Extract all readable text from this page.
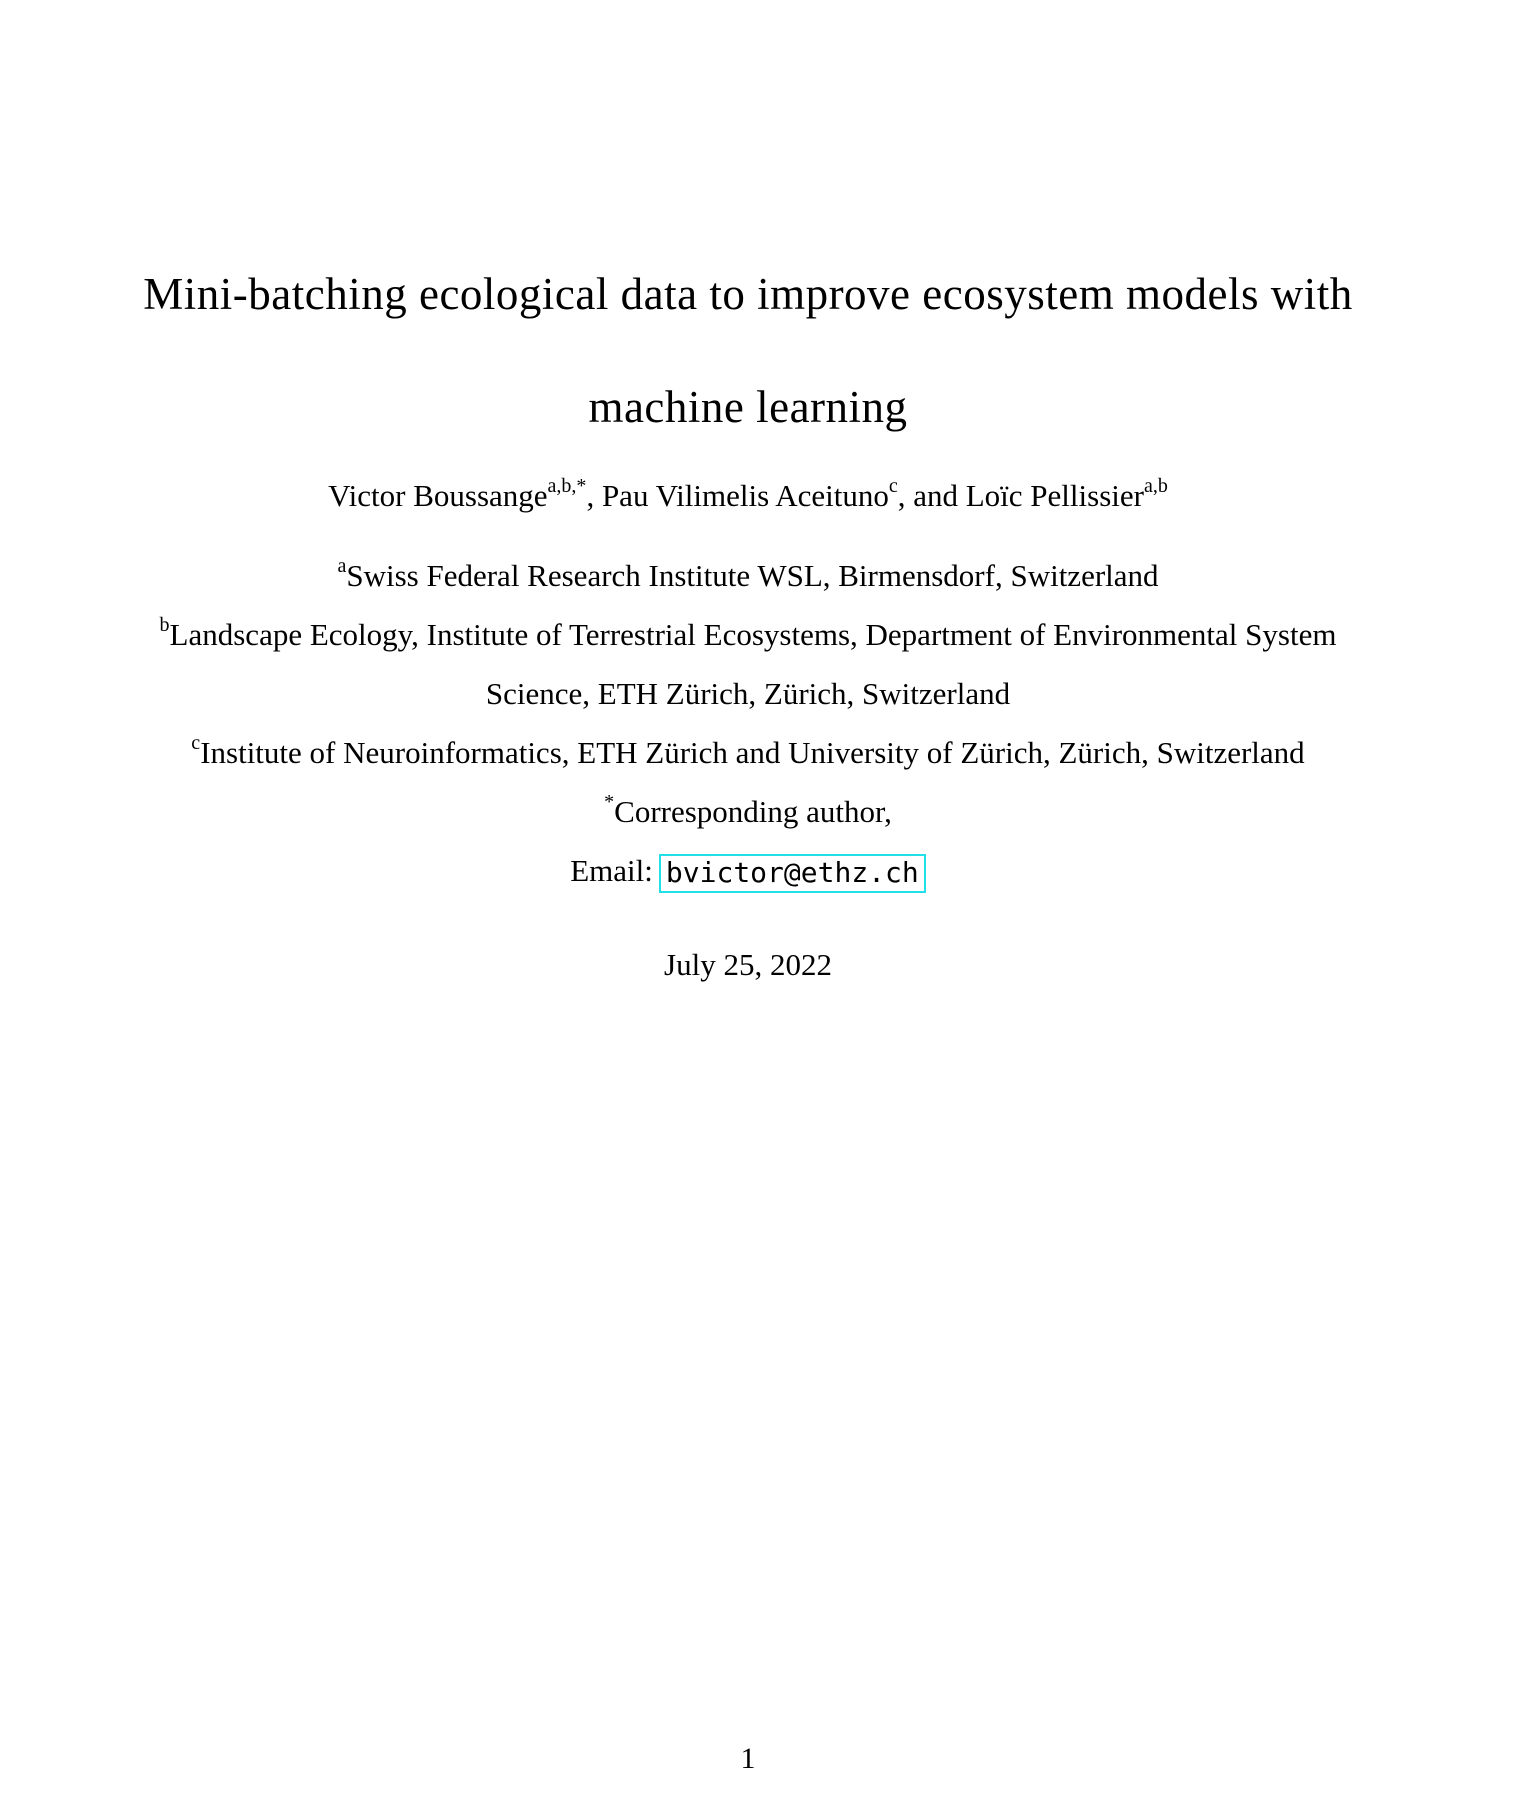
Mini-batching ecological data to improve ecosystem models with
machine learning
Victor Boussange$^{a,b,*}$, Pau Vilimelis Aceituno$^c$, and Loïc Pellissier$^{a,b}$
$^a$Swiss Federal Research Institute WSL, Birmensdorf, Switzerland
$^b$Landscape Ecology, Institute of Terrestrial Ecosystems, Department of Environmental System Science, ETH Zürich, Zürich, Switzerland
$^c$Institute of Neuroinformatics, ETH Zürich and University of Zürich, Zürich, Switzerland
*Corresponding author,
Email: bvictor@ethz.ch
July 25, 2022
1
